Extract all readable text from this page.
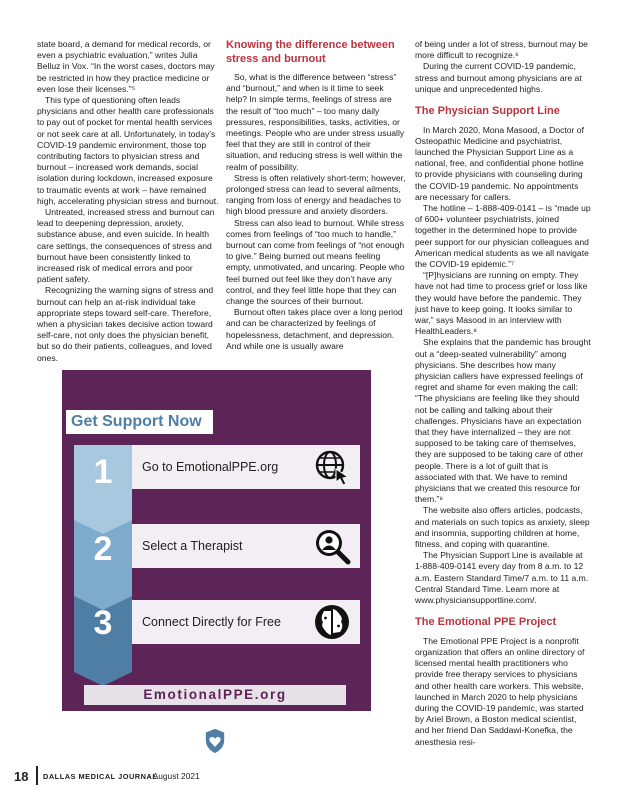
state board, a demand for medical records, or even a psychiatric evaluation,” writes Julia Belluz in Vox. “In the worst cases, doctors may be restricted in how they practice medicine or even lose their licenses.”⁵

This type of questioning often leads physicians and other health care professionals to pay out of pocket for mental health services or not seek care at all. Unfortunately, in today’s COVID-19 pandemic environment, those top contributing factors to physician stress and burnout – increased work demands, social isolation during lockdown, increased exposure to traumatic events at work – have remained high, accelerating physician stress and burnout.

Untreated, increased stress and burnout can lead to deepening depression, anxiety, substance abuse, and even suicide. In health care settings, the consequences of stress and burnout have been consistently linked to increased risk of medical errors and poor patient safety.

Recognizing the warning signs of stress and burnout can help an at-risk individual take appropriate steps toward self-care. Therefore, when a physician takes decisive action toward self-care, not only does the physician benefit, but so do their patients, colleagues, and loved ones.

Knowing the difference between stress and burnout

So, what is the difference between “stress” and “burnout,” and when is it time to seek help? In simple terms, feelings of stress are the result of “too much” – too many daily pressures, responsibilities, tasks, activities, or meetings. People who are under stress usually feel that they are still in control of their situation, and reducing stress is well within the realm of possibility.

Stress is often relatively short-term; however, prolonged stress can lead to several ailments, ranging from loss of energy and headaches to high blood pressure and anxiety disorders.

Stress can also lead to burnout. While stress comes from feelings of “too much to handle,” burnout can come from feelings of “not enough to give.” Being burned out means feeling empty, unmotivated, and uncaring. People who feel burned out feel like they don’t have any control, and they feel little hope that they can change the sources of their burnout.

Burnout often takes place over a long period and can be characterized by feelings of hopelessness, detachment, and depression. And while one is usually aware

of being under a lot of stress, burnout may be more difficult to recognize.⁶

During the current COVID-19 pandemic, stress and burnout among physicians are at unique and unprecedented highs.

The Physician Support Line

In March 2020, Mona Masood, a Doctor of Osteopathic Medicine and psychiatrist, launched the Physician Support Line as a national, free, and confidential phone hotline to provide physicians with counseling during the COVID-19 pandemic. No appointments are necessary for callers.

The hotline – 1-888-409-0141 – is “made up of 600+ volunteer psychiatrists, joined together in the determined hope to provide peer support for our physician colleagues and American medical students as we all navigate the COVID-19 epidemic.”⁷

“[P]hysicians are running on empty. They have not had time to process grief or loss like they would have before the pandemic. They just have to keep going. It looks similar to war,” says Masood in an interview with HealthLeaders.⁸

She explains that the pandemic has brought out a “deep-seated vulnerability” among physicians. She describes how many physician callers have expressed feelings of regret and shame for even making the call: “The physicians are feeling like they should not be calling and talking about their challenges. Physicians have an expectation that they have internalized – they are not supposed to be taking care of themselves, they are supposed to be taking care of other people. There is a lot of guilt that is associated with that. We have to remind physicians that we created this resource for them.”⁸

The website also offers articles, podcasts, and materials on such topics as anxiety, sleep and insomnia, supporting children at home, fitness, and coping with quarantine.

The Physician Support Line is available at 1-888-409-0141 every day from 8 a.m. to 12 a.m. Eastern Standard Time/7 a.m. to 11 a.m. Central Standard Time. Learn more at www.physiciansupportline.com/.

The Emotional PPE Project

The Emotional PPE Project is a nonprofit organization that offers an online directory of licensed mental health practitioners who provide free therapy services to physicians and other health care workers. This website, launched in March 2020 to help physicians during the COVID-19 pandemic, was started by Ariel Brown, a Boston medical scientist, and her friend Dan Saddawi-Konefka, the anesthesia resi-

Get Support Now
Go to EmotionalPPE.org
Select a Therapist
Connect Directly for Free
1
2
3
EmotionalPPE.org
18 DALLAS MEDICAL JOURNAL
· August 2021
